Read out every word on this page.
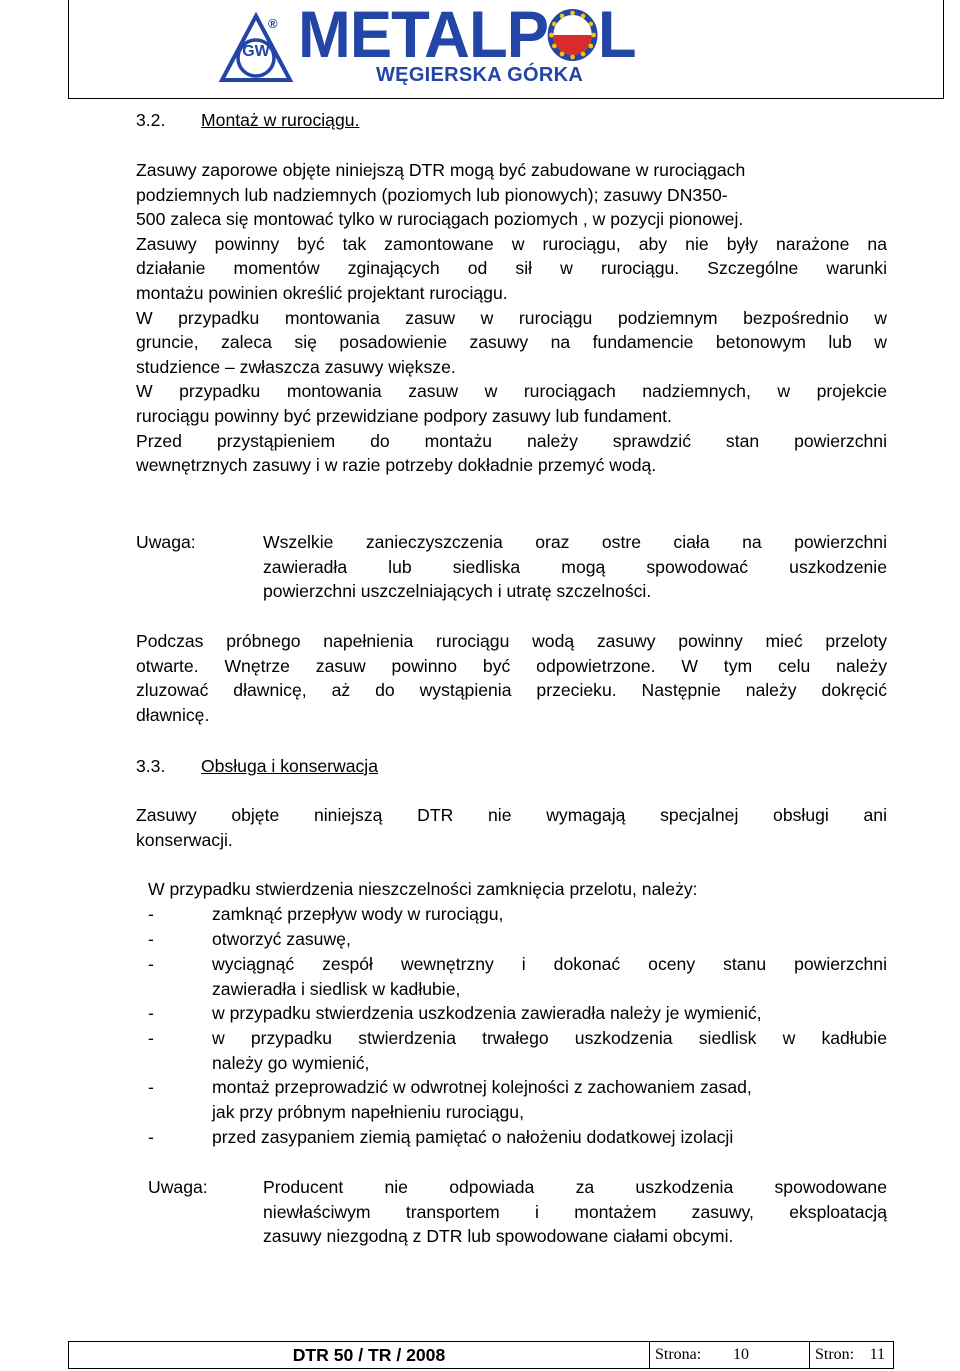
GW
® METALP L
WĘGIERSKA GÓRKA
3.2. Montaż w rurociągu.
Zasuwy zaporowe objęte niniejszą DTR mogą być zabudowane w rurociągach
podziemnych lub nadziemnych (poziomych lub pionowych); zasuwy DN350-
500 zaleca się montować tylko w rurociągach poziomych , w pozycji pionowej.
Zasuwy powinny być tak zamontowane w rurociągu, aby nie były narażone na
działanie momentów zginających od sił w rurociągu. Szczególne warunki
montażu powinien określić projektant rurociągu.
W przypadku montowania zasuw w rurociągu podziemnym bezpośrednio w
gruncie, zaleca się posadowienie zasuwy na fundamencie betonowym lub w
studzience – zwłaszcza zasuwy większe.
W przypadku montowania zasuw w rurociągach nadziemnych, w projekcie
rurociągu powinny być przewidziane podpory zasuwy lub fundament.
Przed przystąpieniem do montażu należy sprawdzić stan powierzchni
wewnętrznych zasuwy i w razie potrzeby dokładnie przemyć wodą.
Uwaga:	Wszelkie zanieczyszczenia oraz ostre ciała na powierzchni
zawieradła lub siedliska mogą spowodować uszkodzenie
powierzchni uszczelniających i utratę szczelności.
Podczas próbnego napełnienia rurociągu wodą zasuwy powinny mieć przeloty
otwarte. Wnętrze zasuw powinno być odpowietrzone. W tym celu należy
zluzować dławnicę, aż do wystąpienia przecieku. Następnie należy dokręcić
dławnicę.
3.3. Obsługa i konserwacja
Zasuwy objęte niniejszą DTR nie wymagają specjalnej obsługi ani
konserwacji.
W przypadku stwierdzenia nieszczelności zamknięcia przelotu, należy:
-	zamknąć przepływ wody w rurociągu,
-	otworzyć zasuwę,
-	wyciągnąć zespół wewnętrzny i dokonać oceny stanu powierzchni
zawieradła i siedlisk w kadłubie,
-	w przypadku stwierdzenia uszkodzenia zawieradła należy je wymienić,
-	w przypadku stwierdzenia trwałego uszkodzenia siedlisk w kadłubie
należy go wymienić,
-	montaż przeprowadzić w odwrotnej kolejności z zachowaniem zasad,
jak przy próbnym napełnieniu rurociągu,
-	przed zasypaniem ziemią pamiętać o nałożeniu dodatkowej izolacji
Uwaga:	Producent nie odpowiada za uszkodzenia spowodowane
niewłaściwym transportem i montażem zasuwy, eksploatacją
zasuwy niezgodną z DTR lub spowodowane ciałami obcymi.
DTR 50 / TR / 2008	Strona: 10	Stron: 11
